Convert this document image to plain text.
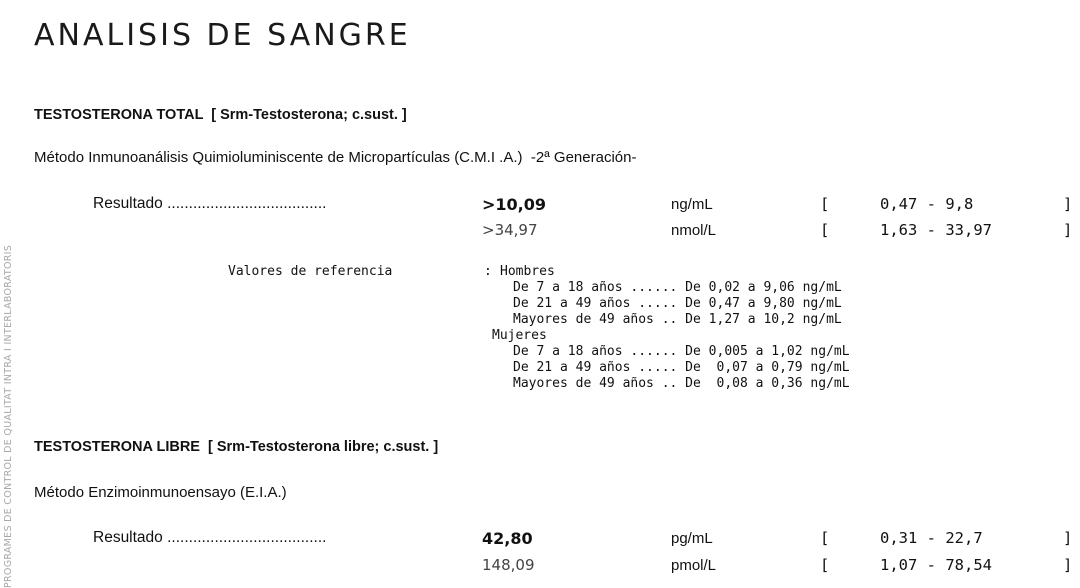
ANALISIS DE SANGRE
PROGRAMES DE CONTROL DE QUALITAT INTRA I INTERLABORATORIS
TESTOSTERONA TOTAL  [ Srm-Testosterona; c.sust. ]
Método Inmunoanálisis Quimioluminiscente de Micropartículas (C.M.I .A.)  -2ª Generación-
Resultado .....................................	>10,09	ng/mL	[	0,47 - 9,8	]
>34,97	nmol/L	[	1,63 - 33,97	]
Valores de referencia	: Hombres
De 7 a 18 años ...... De 0,02 a 9,06 ng/mL
De 21 a 49 años ..... De 0,47 a 9,80 ng/mL
Mayores de 49 años .. De 1,27 a 10,2 ng/mL
Mujeres
De 7 a 18 años ...... De 0,005 a 1,02 ng/mL
De 21 a 49 años ..... De  0,07 a 0,79 ng/mL
Mayores de 49 años .. De  0,08 a 0,36 ng/mL
TESTOSTERONA LIBRE  [ Srm-Testosterona libre; c.sust. ]
Método Enzimoinmunoensayo (E.I.A.)
Resultado .....................................	42,80	pg/mL	[	0,31 - 22,7	]
148,09	pmol/L	[	1,07 - 78,54	]
